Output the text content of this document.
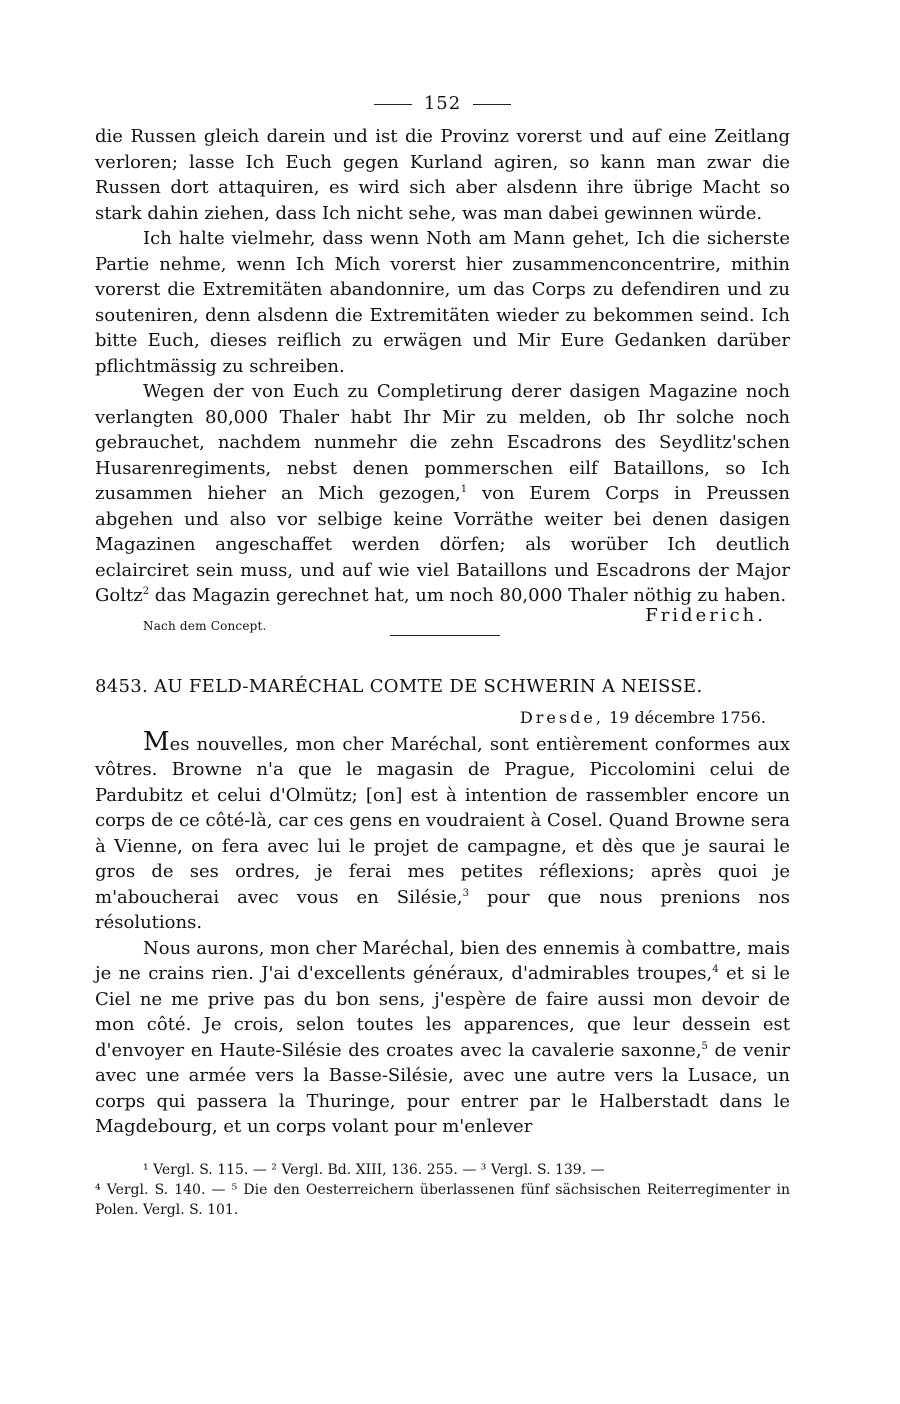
152

die Russen gleich darein und ist die Provinz vorerst und auf eine Zeitlang verloren; lasse Ich Euch gegen Kurland agiren, so kann man zwar die Russen dort attaquiren, es wird sich aber alsdenn ihre übrige Macht so stark dahin ziehen, dass Ich nicht sehe, was man dabei gewinnen würde.

Ich halte vielmehr, dass wenn Noth am Mann gehet, Ich die sicherste Partie nehme, wenn Ich Mich vorerst hier zusammenconcentrire, mithin vorerst die Extremitäten abandonnire, um das Corps zu defendiren und zu souteniren, denn alsdenn die Extremitäten wieder zu bekommen seind. Ich bitte Euch, dieses reiflich zu erwägen und Mir Eure Gedanken darüber pflichtmässig zu schreiben.

Wegen der von Euch zu Completirung derer dasigen Magazine noch verlangten 80,000 Thaler habt Ihr Mir zu melden, ob Ihr solche noch gebrauchet, nachdem nunmehr die zehn Escadrons des Seydlitz'schen Husarenregiments, nebst denen pommerschen eilf Bataillons, so Ich zusammen hieher an Mich gezogen,$^1$ von Eurem Corps in Preussen abgehen und also vor selbige keine Vorräthe weiter bei denen dasigen Magazinen angeschaffet werden dörfen; als worüber Ich deutlich eclairciret sein muss, und auf wie viel Bataillons und Escadrons der Major Goltz$^2$ das Magazin gerechnet hat, um noch 80,000 Thaler nöthig zu haben.

Nach dem Concept.	Friderich.
8453. AU FELD-MARÉCHAL COMTE DE SCHWERIN A NEISSE.
Dresde, 19 décembre 1756.

Mes nouvelles, mon cher Maréchal, sont entièrement conformes aux vôtres. Browne n'a que le magasin de Prague, Piccolomini celui de Pardubitz et celui d'Olmütz; [on] est à intention de rassembler encore un corps de ce côté-là, car ces gens en voudraient à Cosel. Quand Browne sera à Vienne, on fera avec lui le projet de campagne, et dès que je saurai le gros de ses ordres, je ferai mes petites réflexions; après quoi je m'aboucherai avec vous en Silésie,$^3$ pour que nous prenions nos résolutions.

Nous aurons, mon cher Maréchal, bien des ennemis à combattre, mais je ne crains rien. J'ai d'excellents généraux, d'admirables troupes,$^4$ et si le Ciel ne me prive pas du bon sens, j'espère de faire aussi mon devoir de mon côté. Je crois, selon toutes les apparences, que leur dessein est d'envoyer en Haute-Silésie des croates avec la cavalerie saxonne,$^5$ de venir avec une armée vers la Basse-Silésie, avec une autre vers la Lusace, un corps qui passera la Thuringe, pour entrer par le Halberstadt dans le Magdebourg, et un corps volant pour m'enlever

¹ Vergl. S. 115. — ² Vergl. Bd. XIII, 136. 255. — ³ Vergl. S. 139. —
⁴ Vergl. S. 140. — ⁵ Die den Oesterreichern überlassenen fünf sächsischen Reiterregimenter in Polen. Vergl. S. 101.
